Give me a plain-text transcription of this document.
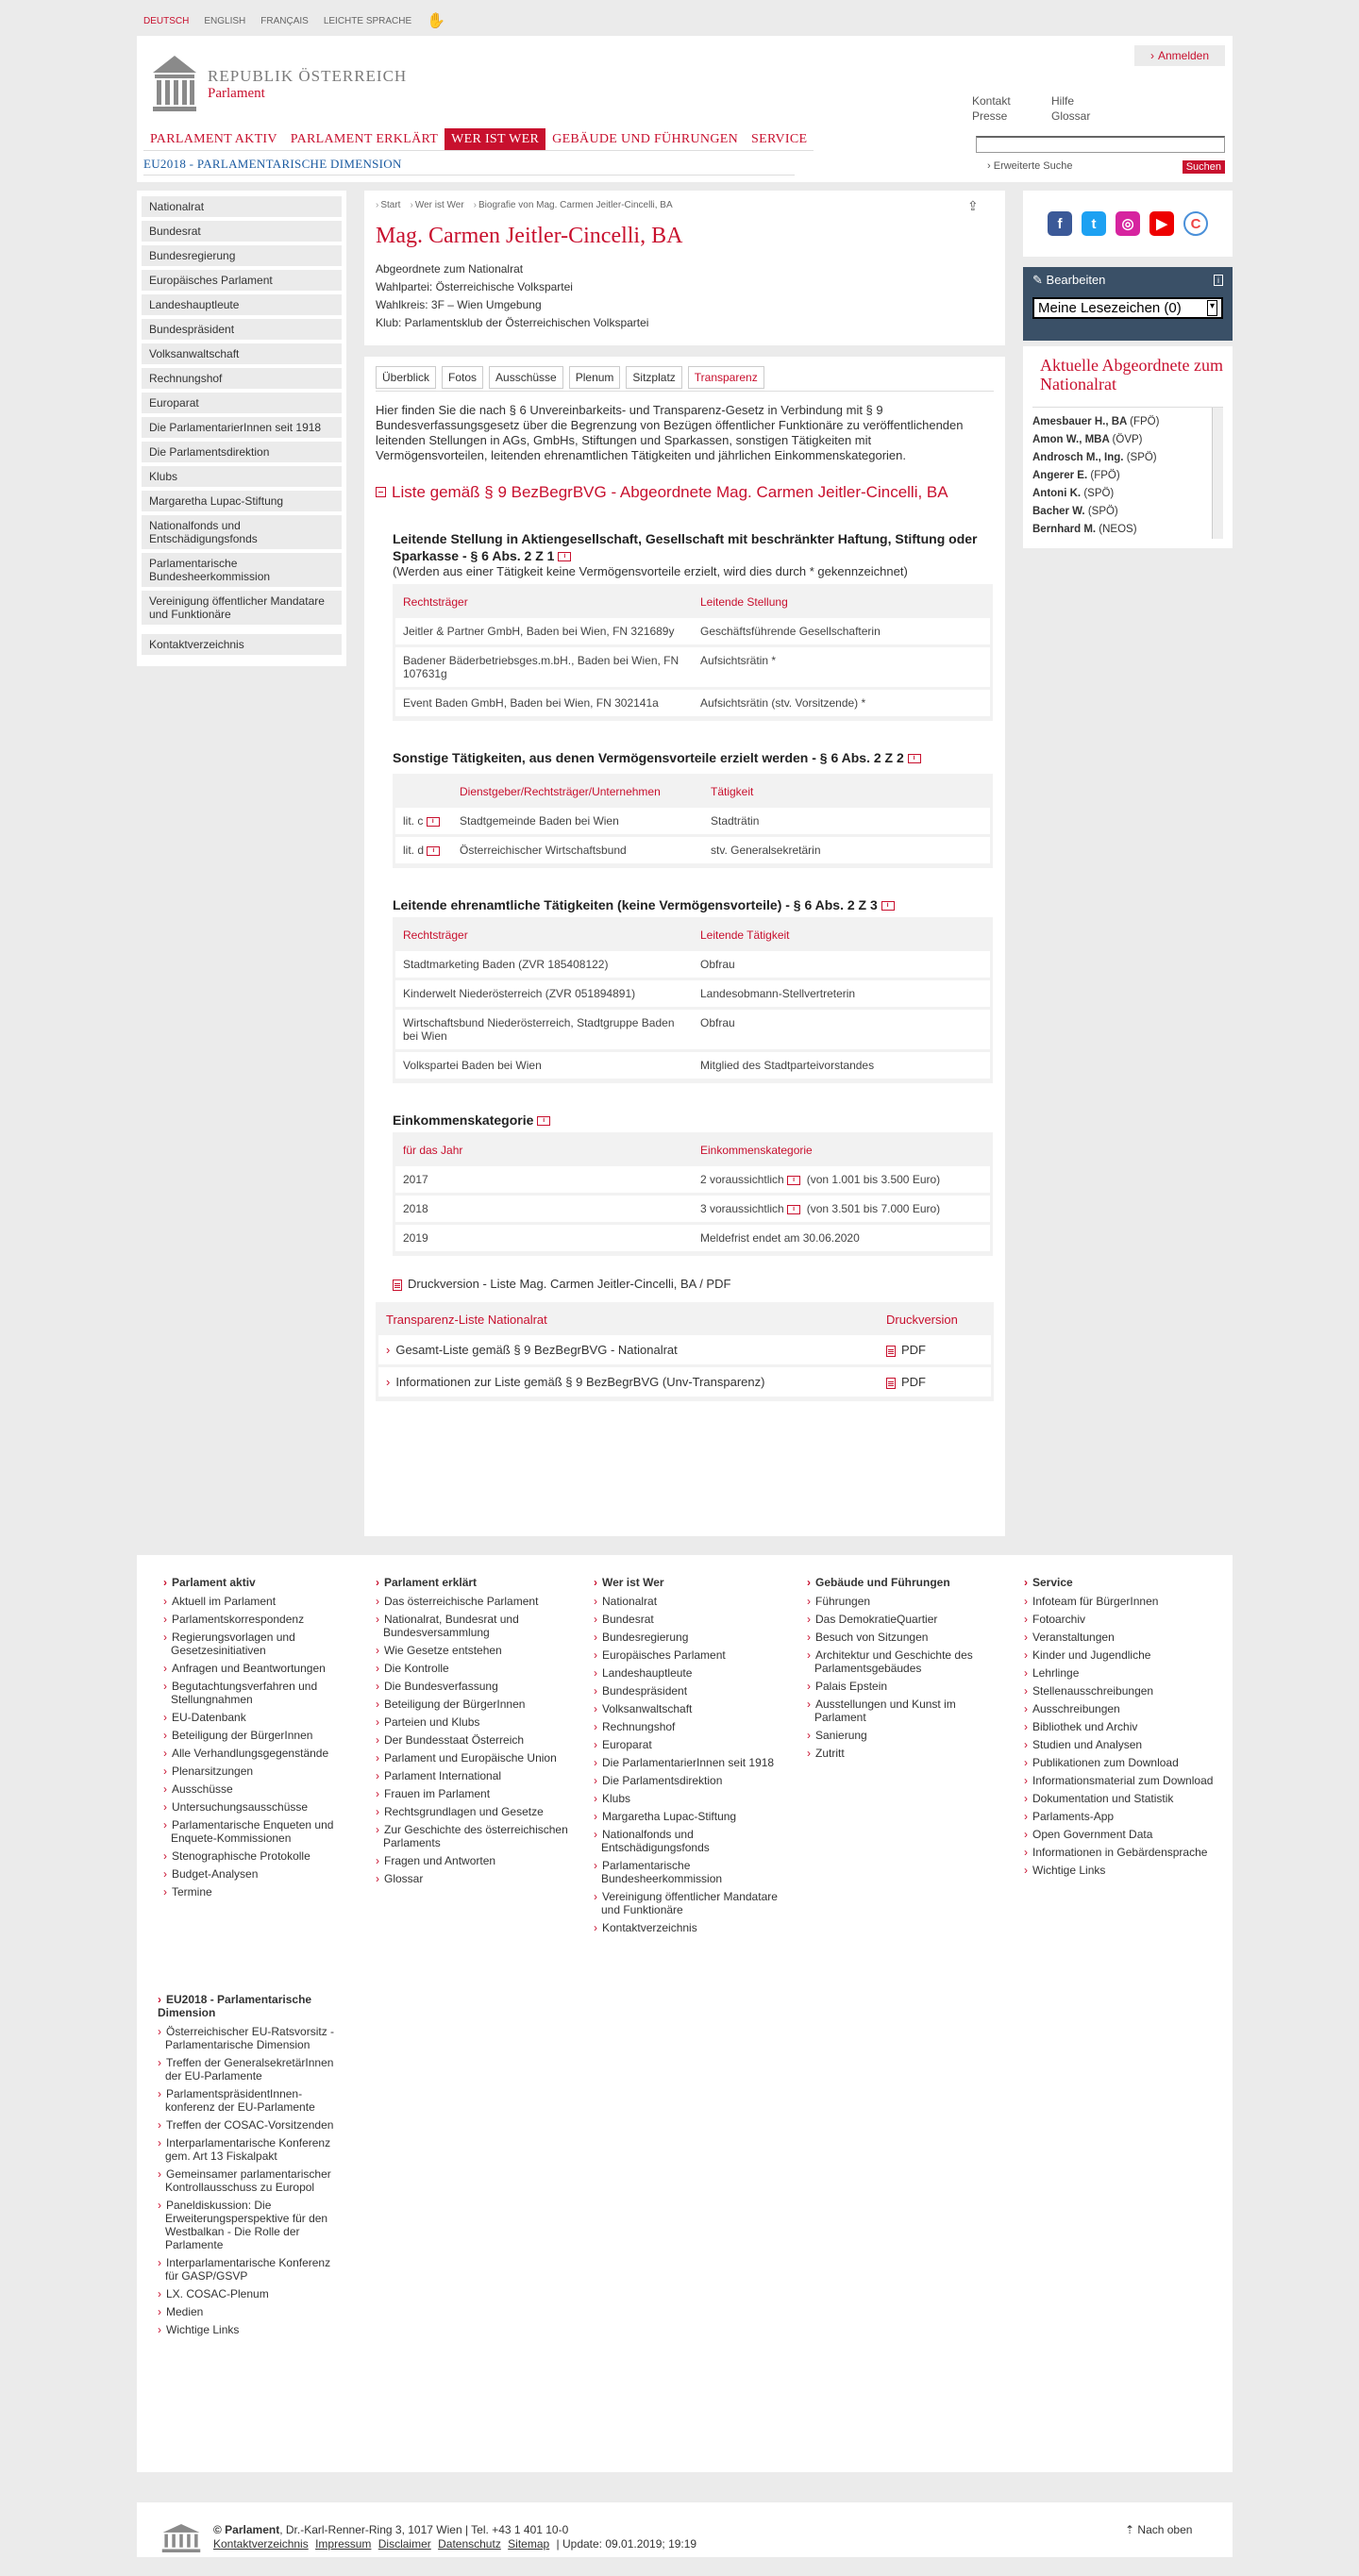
DEUTSCH ENGLISH FRANÇAIS LEICHTE SPRACHE ✋
REPUBLIK ÖSTERREICH
Parlament
› Anmelden
Kontakt	Hilfe
Presse	Glossar
PARLAMENT AKTIV	PARLAMENT ERKLÄRT	WER IST WER	GEBÄUDE UND FÜHRUNGEN	SERVICE
EU2018 - PARLAMENTARISCHE DIMENSION	› Erweiterte Suche	Suchen
Nationalrat
Bundesrat
Bundesregierung
Europäisches Parlament
Landeshauptleute
Bundespräsident
Volksanwaltschaft
Rechnungshof
Europarat
Die ParlamentarierInnen seit 1918
Die Parlamentsdirektion
Klubs
Margaretha Lupac-Stiftung
Nationalfonds und Entschädigungsfonds
Parlamentarische Bundesheerkommission
Vereinigung öffentlicher Mandatare und Funktionäre
Kontaktverzeichnis
› Start	› Wer ist Wer	› Biografie von Mag. Carmen Jeitler-Cincelli, BA
Mag. Carmen Jeitler-Cincelli, BA
Abgeordnete zum Nationalrat
Wahlpartei: Österreichische Volkspartei
Wahlkreis: 3F – Wien Umgebung
Klub: Parlamentsklub der Österreichischen Volkspartei
⇪
Überblick	Fotos	Ausschüsse	Plenum	Sitzplatz	Transparenz
Hier finden Sie die nach § 6 Unvereinbarkeits- und Transparenz-Gesetz in Verbindung mit § 9 Bundesverfassungsgesetz über die Begrenzung von Bezügen öffentlicher Funktionäre zu veröffentlichenden leitenden Stellungen in AGs, GmbHs, Stiftungen und Sparkassen, sonstigen Tätigkeiten mit Vermögensvorteilen, leitenden ehrenamtlichen Tätigkeiten und jährlichen Einkommenskategorien.
Liste gemäß § 9 BezBegrBVG - Abgeordnete Mag. Carmen Jeitler-Cincelli, BA
Leitende Stellung in Aktiengesellschaft, Gesellschaft mit beschränkter Haftung, Stiftung oder Sparkasse - § 6 Abs. 2 Z 1 i
(Werden aus einer Tätigkeit keine Vermögensvorteile erzielt, wird dies durch * gekennzeichnet)
Rechtsträger	Leitende Stellung
Jeitler & Partner GmbH, Baden bei Wien, FN 321689y	Geschäftsführende Gesellschafterin
Badener Bäderbetriebsges.m.bH., Baden bei Wien, FN 107631g	Aufsichtsrätin *
Event Baden GmbH, Baden bei Wien, FN 302141a	Aufsichtsrätin (stv. Vorsitzende) *
Sonstige Tätigkeiten, aus denen Vermögensvorteile erzielt werden - § 6 Abs. 2 Z 2 i
	Dienstgeber/Rechtsträger/Unternehmen	Tätigkeit
lit. c i	Stadtgemeinde Baden bei Wien	Stadträtin
lit. d i	Österreichischer Wirtschaftsbund	stv. Generalsekretärin
Leitende ehrenamtliche Tätigkeiten (keine Vermögensvorteile) - § 6 Abs. 2 Z 3 i
Rechtsträger	Leitende Tätigkeit
Stadtmarketing Baden (ZVR 185408122)	Obfrau
Kinderwelt Niederösterreich (ZVR 051894891)	Landesobmann-Stellvertreterin
Wirtschaftsbund Niederösterreich, Stadtgruppe Baden bei Wien	Obfrau
Volkspartei Baden bei Wien	Mitglied des Stadtparteivorstandes
Einkommenskategorie i
für das Jahr	Einkommenskategorie
2017	2 voraussichtlich i (von 1.001 bis 3.500 Euro)
2018	3 voraussichtlich i (von 3.501 bis 7.000 Euro)
2019	Meldefrist endet am 30.06.2020
Druckversion - Liste Mag. Carmen Jeitler-Cincelli, BA / PDF
Transparenz-Liste Nationalrat	Druckversion
› Gesamt-Liste gemäß § 9 BezBegrBVG - Nationalrat	PDF
› Informationen zur Liste gemäß § 9 BezBegrBVG (Unv-Transparenz)	PDF
f	t	◎	▶	C
✎ Bearbeiten	i
Meine Lesezeichen (0)	▾
Aktuelle Abgeordnete zum Nationalrat
Amesbauer H., BA (FPÖ)
Amon W., MBA (ÖVP)
Androsch M., Ing. (SPÖ)
Angerer E. (FPÖ)
Antoni K. (SPÖ)
Bacher W. (SPÖ)
Bernhard M. (NEOS)
› Parlament aktiv
› Aktuell im Parlament
› Parlamentskorrespondenz
› Regierungsvorlagen und Gesetzesinitiativen
› Anfragen und Beantwortungen
› Begutachtungsverfahren und Stellungnahmen
› EU-Datenbank
› Beteiligung der BürgerInnen
› Alle Verhandlungsgegenstände
› Plenarsitzungen
› Ausschüsse
› Untersuchungsausschüsse
› Parlamentarische Enqueten und Enquete-Kommissionen
› Stenographische Protokolle
› Budget-Analysen
› Termine
› Parlament erklärt
› Das österreichische Parlament
› Nationalrat, Bundesrat und Bundesversammlung
› Wie Gesetze entstehen
› Die Kontrolle
› Die Bundesverfassung
› Beteiligung der BürgerInnen
› Parteien und Klubs
› Der Bundesstaat Österreich
› Parlament und Europäische Union
› Parlament International
› Frauen im Parlament
› Rechtsgrundlagen und Gesetze
› Zur Geschichte des österreichischen Parlaments
› Fragen und Antworten
› Glossar
› Wer ist Wer
› Nationalrat
› Bundesrat
› Bundesregierung
› Europäisches Parlament
› Landeshauptleute
› Bundespräsident
› Volksanwaltschaft
› Rechnungshof
› Europarat
› Die ParlamentarierInnen seit 1918
› Die Parlamentsdirektion
› Klubs
› Margaretha Lupac-Stiftung
› Nationalfonds und Entschädigungsfonds
› Parlamentarische Bundesheerkommission
› Vereinigung öffentlicher Mandatare und Funktionäre
› Kontaktverzeichnis
› Gebäude und Führungen
› Führungen
› Das DemokratieQuartier
› Besuch von Sitzungen
› Architektur und Geschichte des Parlamentsgebäudes
› Palais Epstein
› Ausstellungen und Kunst im Parlament
› Sanierung
› Zutritt
› Service
› Infoteam für BürgerInnen
› Fotoarchiv
› Veranstaltungen
› Kinder und Jugendliche
› Lehrlinge
› Stellenausschreibungen
› Ausschreibungen
› Bibliothek und Archiv
› Studien und Analysen
› Publikationen zum Download
› Informationsmaterial zum Download
› Dokumentation und Statistik
› Parlaments-App
› Open Government Data
› Informationen in Gebärdensprache
› Wichtige Links
› EU2018 - Parlamentarische Dimension
› Österreichischer EU-Ratsvorsitz - Parlamentarische Dimension
› Treffen der GeneralsekretärInnen der EU-Parlamente
› ParlamentspräsidentInnen-konferenz der EU-Parlamente
› Treffen der COSAC-Vorsitzenden
› Interparlamentarische Konferenz gem. Art 13 Fiskalpakt
› Gemeinsamer parlamentarischer Kontrollausschuss zu Europol
› Paneldiskussion: Die Erweiterungsperspektive für den Westbalkan - Die Rolle der Parlamente
› Interparlamentarische Konferenz für GASP/GSVP
› LX. COSAC-Plenum
› Medien
› Wichtige Links
© Parlament, Dr.-Karl-Renner-Ring 3, 1017 Wien | Tel. +43 1 401 10-0
Kontaktverzeichnis Impressum Disclaimer Datenschutz Sitemap | Update: 09.01.2019; 19:19
⇡ Nach oben
